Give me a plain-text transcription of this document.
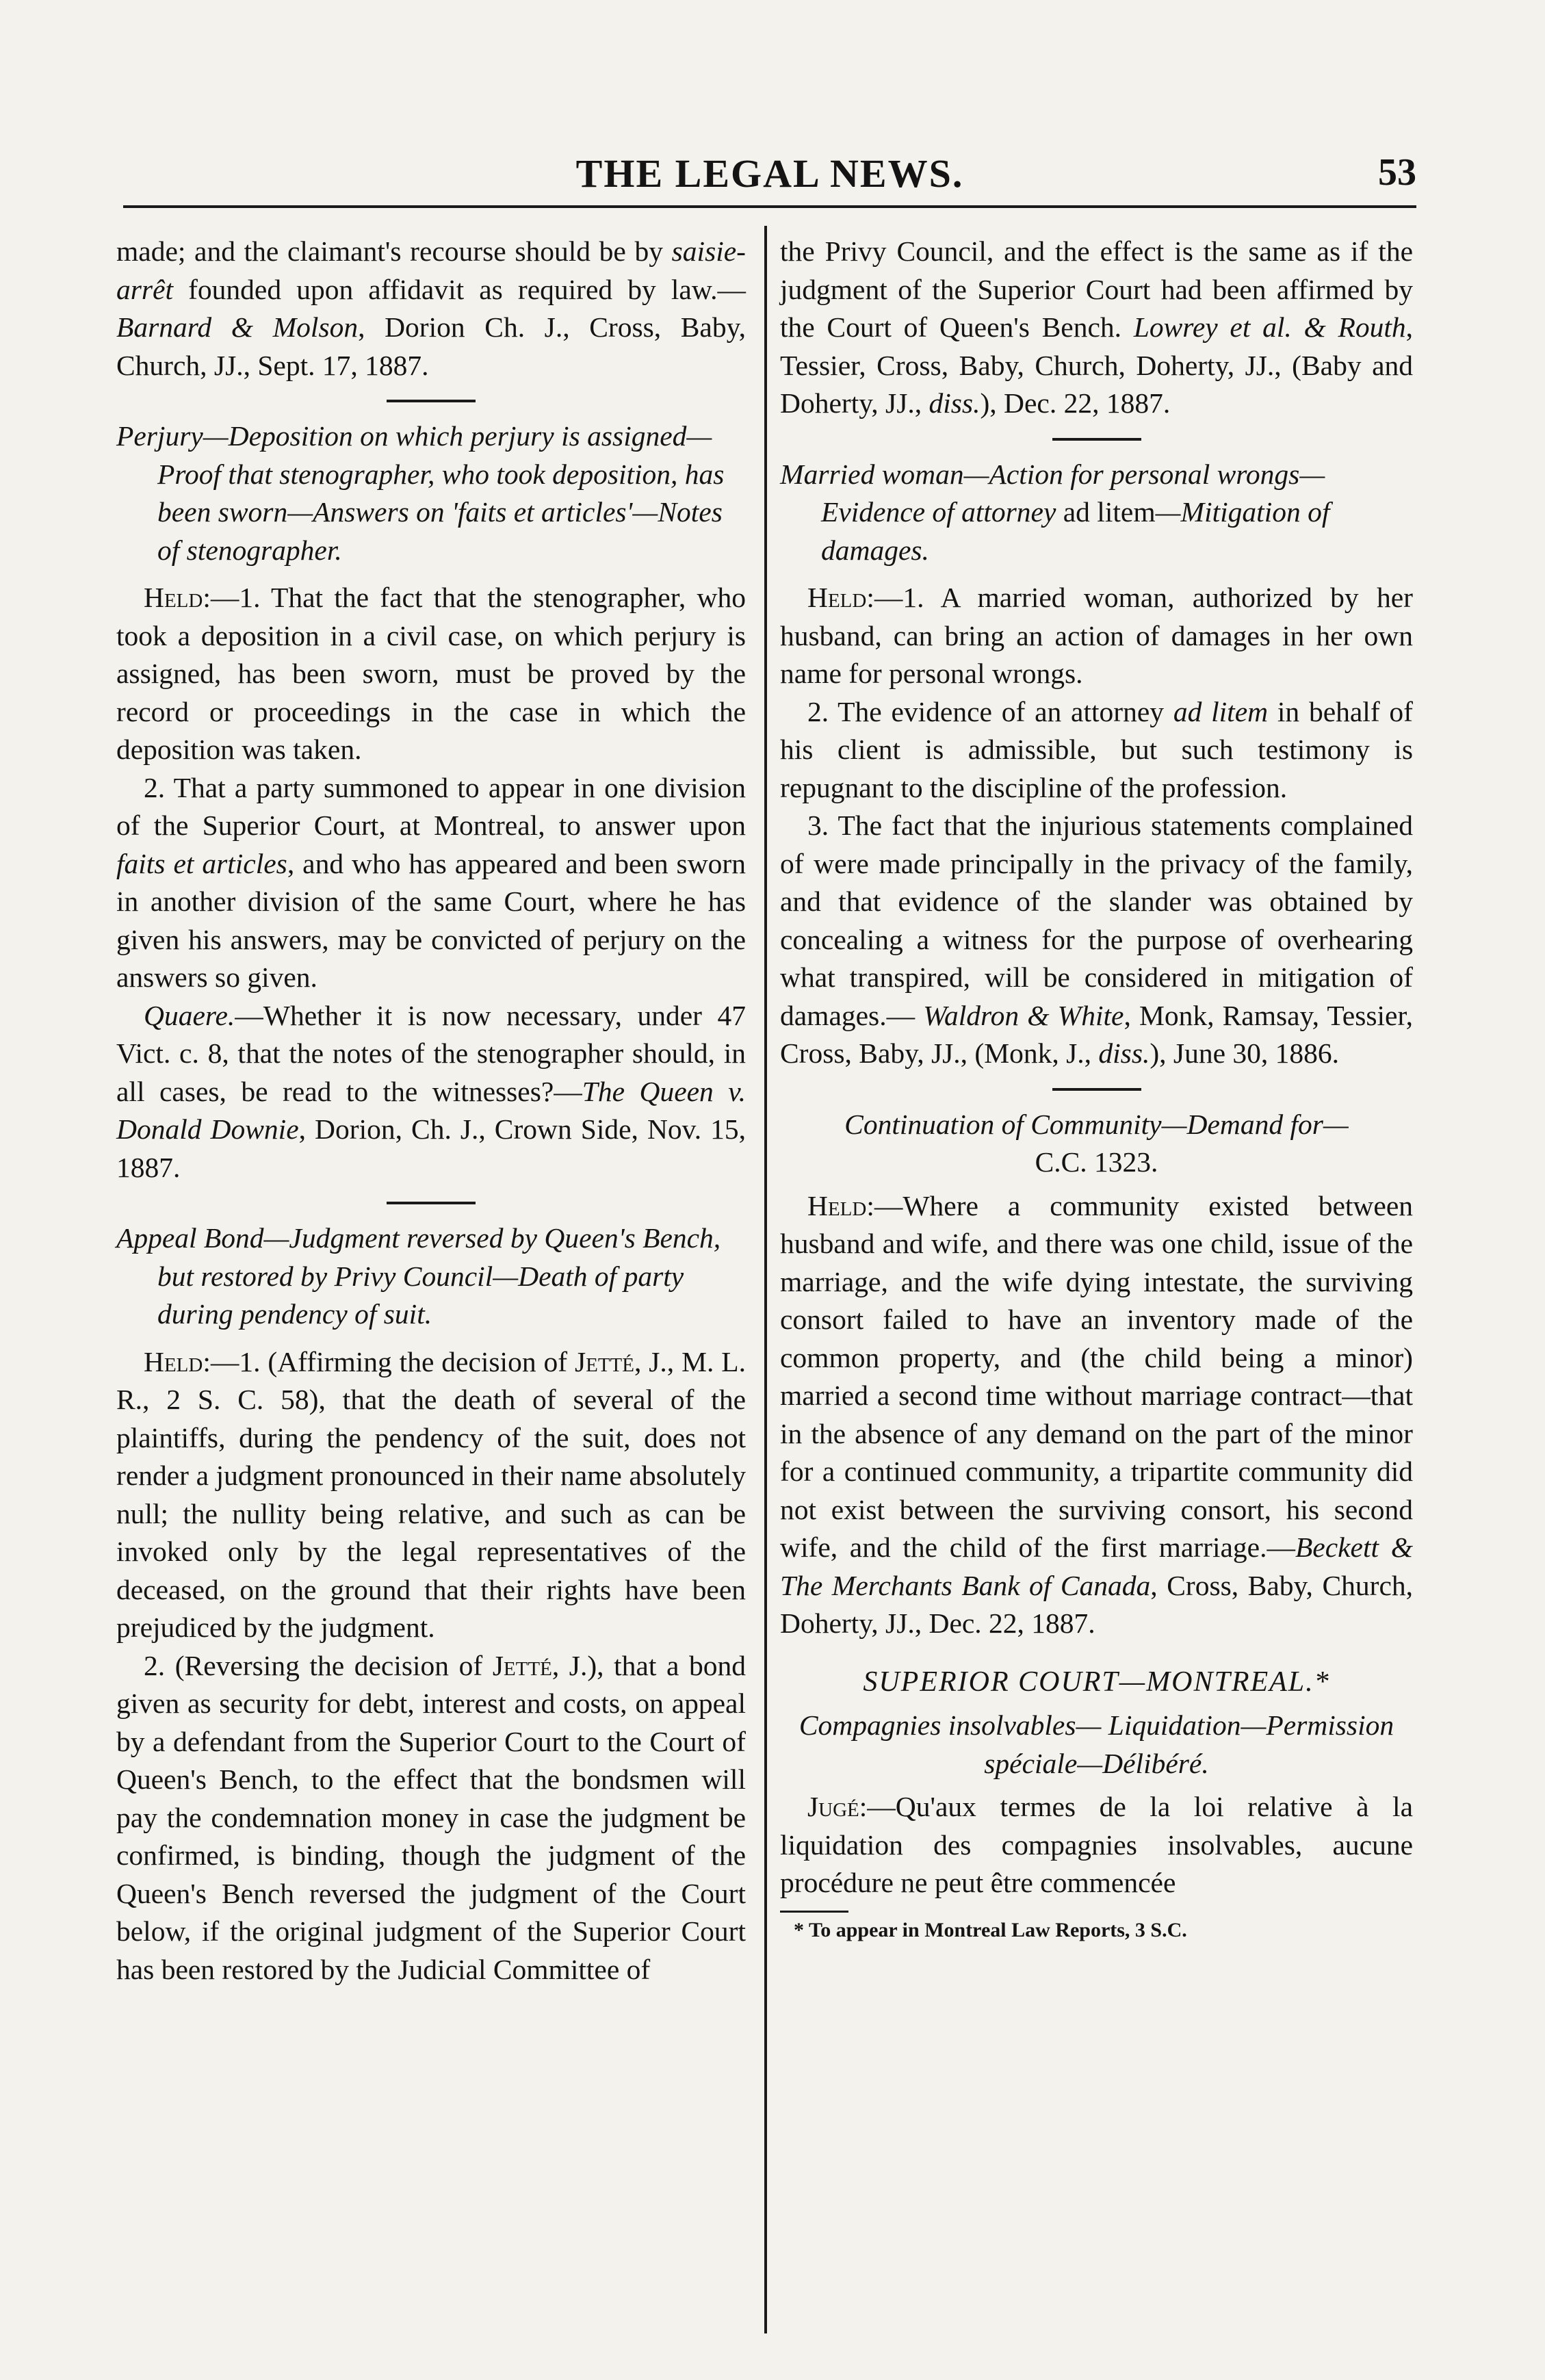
THE LEGAL NEWS.	53

made; and the claimant's recourse should be by saisie-arrêt founded upon affidavit as required by law.—Barnard & Molson, Dorion Ch. J., Cross, Baby, Church, JJ., Sept. 17, 1887.

Perjury—Deposition on which perjury is assigned—Proof that stenographer, who took deposition, has been sworn—Answers on 'faits et articles'—Notes of stenographer.

Held:—1. That the fact that the stenographer, who took a deposition in a civil case, on which perjury is assigned, has been sworn, must be proved by the record or proceedings in the case in which the deposition was taken.

2. That a party summoned to appear in one division of the Superior Court, at Montreal, to answer upon faits et articles, and who has appeared and been sworn in another division of the same Court, where he has given his answers, may be convicted of perjury on the answers so given.

Quaere.—Whether it is now necessary, under 47 Vict. c. 8, that the notes of the stenographer should, in all cases, be read to the witnesses?—The Queen v. Donald Downie, Dorion, Ch. J., Crown Side, Nov. 15, 1887.

Appeal Bond—Judgment reversed by Queen's Bench, but restored by Privy Council—Death of party during pendency of suit.

Held:—1. (Affirming the decision of Jetté, J., M. L. R., 2 S. C. 58), that the death of several of the plaintiffs, during the pendency of the suit, does not render a judgment pronounced in their name absolutely null; the nullity being relative, and such as can be invoked only by the legal representatives of the deceased, on the ground that their rights have been prejudiced by the judgment.

2. (Reversing the decision of Jetté, J.), that a bond given as security for debt, interest and costs, on appeal by a defendant from the Superior Court to the Court of Queen's Bench, to the effect that the bondsmen will pay the condemnation money in case the judgment be confirmed, is binding, though the judgment of the Queen's Bench reversed the judgment of the Court below, if the original judgment of the Superior Court has been restored by the Judicial Committee of

the Privy Council, and the effect is the same as if the judgment of the Superior Court had been affirmed by the Court of Queen's Bench. Lowrey et al. & Routh, Tessier, Cross, Baby, Church, Doherty, JJ., (Baby and Doherty, JJ., diss.), Dec. 22, 1887.

Married woman—Action for personal wrongs—Evidence of attorney ad litem—Mitigation of damages.

Held:—1. A married woman, authorized by her husband, can bring an action of damages in her own name for personal wrongs.

2. The evidence of an attorney ad litem in behalf of his client is admissible, but such testimony is repugnant to the discipline of the profession.

3. The fact that the injurious statements complained of were made principally in the privacy of the family, and that evidence of the slander was obtained by concealing a witness for the purpose of overhearing what transpired, will be considered in mitigation of damages.— Waldron & White, Monk, Ramsay, Tessier, Cross, Baby, JJ., (Monk, J., diss.), June 30, 1886.

Continuation of Community—Demand for—
C.C. 1323.

Held:—Where a community existed between husband and wife, and there was one child, issue of the marriage, and the wife dying intestate, the surviving consort failed to have an inventory made of the common property, and (the child being a minor) married a second time without marriage contract—that in the absence of any demand on the part of the minor for a continued community, a tripartite community did not exist between the surviving consort, his second wife, and the child of the first marriage.—Beckett & The Merchants Bank of Canada, Cross, Baby, Church, Doherty, JJ., Dec. 22, 1887.

SUPERIOR COURT—MONTREAL.*

Compagnies insolvables— Liquidation—Permission spéciale—Délibéré.

Jugé:—Qu'aux termes de la loi relative à la liquidation des compagnies insolvables, aucune procédure ne peut être commencée

* To appear in Montreal Law Reports, 3 S.C.
